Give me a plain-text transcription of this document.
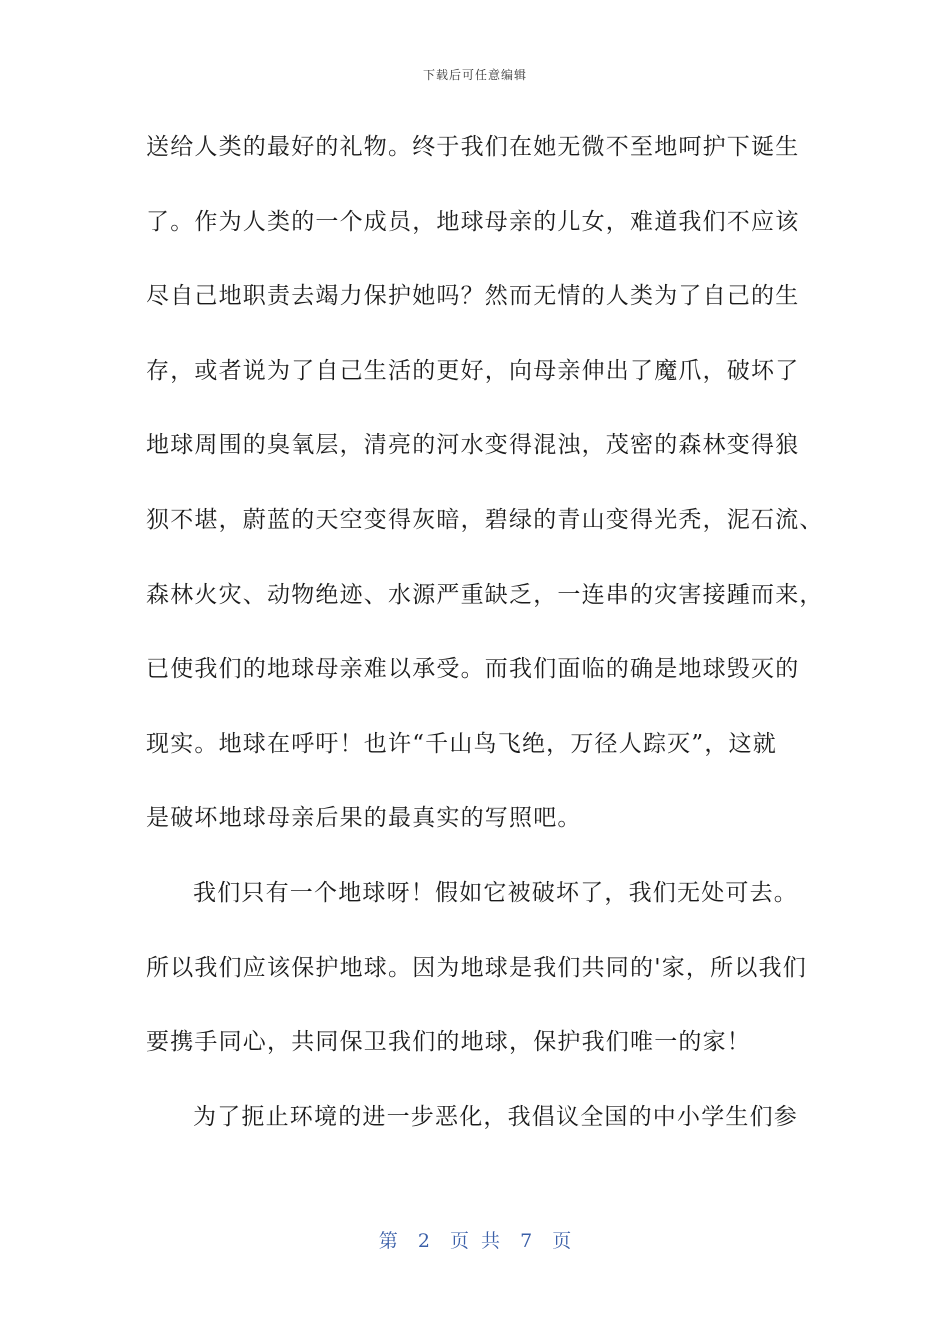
下载后可任意编辑
送给人类的最好的礼物。终于我们在她无微不至地呵护下诞生
了。作为人类的一个成员，地球母亲的儿女，难道我们不应该
尽自己地职责去竭力保护她吗？然而无情的人类为了自己的生
存，或者说为了自己生活的更好，向母亲伸出了魔爪，破坏了
地球周围的臭氧层，清亮的河水变得混浊，茂密的森林变得狼
狈不堪，蔚蓝的天空变得灰暗，碧绿的青山变得光秃，泥石流、
森林火灾、动物绝迹、水源严重缺乏，一连串的灾害接踵而来，
已使我们的地球母亲难以承受。而我们面临的确是地球毁灭的
现实。地球在呼吁！也许“千山鸟飞绝，万径人踪灭”，这就
是破坏地球母亲后果的最真实的写照吧。
我们只有一个地球呀！假如它被破坏了，我们无处可去。
所以我们应该保护地球。因为地球是我们共同的'家，所以我们
要携手同心，共同保卫我们的地球，保护我们唯一的家！
为了扼止环境的进一步恶化，我倡议全国的中小学生们参
第 2 页 共 7 页
